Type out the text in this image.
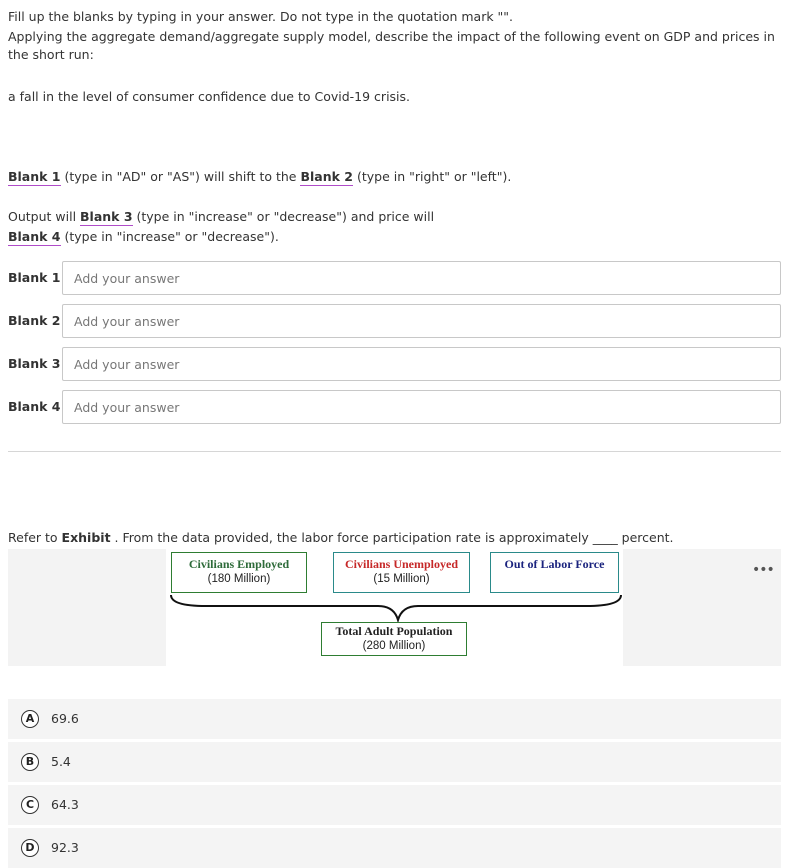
Fill up the blanks by typing in your answer. Do not type in the quotation mark "".
Applying the aggregate demand/aggregate supply model, describe the impact of the following event on GDP and prices in the short run:
a fall in the level of consumer confidence due to Covid-19 crisis.
Blank 1 (type in "AD" or "AS") will shift to the Blank 2 (type in "right" or "left").
Output will Blank 3 (type in "increase" or "decrease") and price will
Blank 4 (type in "increase" or "decrease").
Blank 1
Add your answer
Blank 2
Add your answer
Blank 3
Add your answer
Blank 4
Add your answer
Refer to Exhibit . From the data provided, the labor force participation rate is approximately ____ percent.
•••
Civilians Employed
(180 Million)
Civilians Unemployed
(15 Million)
Out of Labor Force
Total Adult Population
(280 Million)
A	69.6
B	5.4
C	64.3
D	92.3
